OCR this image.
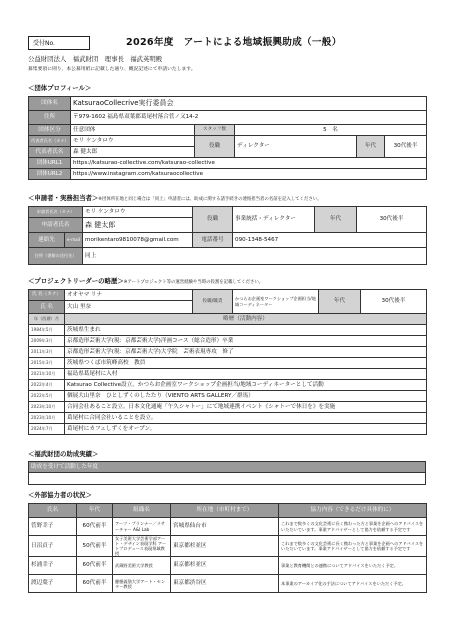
受付No.	2026年度　アートによる地域振興助成（一般）
公益財団法人　福武財団　理事長　福武英明殿
募集要項に則り、本公募用紙に記載した通り、概況記述にて申請いたします。
＜団体プロフィール＞
団体名	KatsuraoCollecrive実行委員会				
住所	〒979-1602 福島県双葉郡葛尾村落合菅ノ又14-2				
団体区分	任意団体	スタッフ数	5　名		
代表者氏名（カナ）	モリ ケンタロウ	役職	ディレクター	年代	30代後半
代表者氏名	森 健太郎				
団体URL1	https://katsurao-collective.com/katsurao-collective				
団体URL2	https://www.instagram.com/katsuraocollective				
＜申請者・実務担当者＞※団体所在地と同じ場合は「同上」申請者には、助成に関する諸手続きの連絡担当者の名前を記入してください。
申請者氏名（カナ）		モリ ケンタロウ	役職	事業統括・ディレクター	年代	30代後半
申請者氏名		森 健太郎				
連絡先	e-mail	morikentaro9810078@gmail.com	電話番号	090-1348-5467		
住所（書類の送付先）		同上				
＜プロジェクトリーダーの略歴＞※アートプロジェクト等の運営経験や当時の役割を記載してください。
氏 名（カナ）	オオヤマ リナ	役職/職責	かつらお企画室ワークショップ企画担当/地域コーディネーター	年代	30代後半
氏 名	大山 里奈				
年（西暦）月	略歴（活動内容）
1984年5月	茨城県生まれ
2009年3月	京都造形芸術大学(現：京都芸術大学)洋画コース（総合造形）卒業
2011年3月	京都造形芸術大学(現：京都芸術大学)大学院　芸術表現専攻　修了
2015年3月	茨城県つくば市筑峰高校　教員
2021年10月	福島県葛尾村に入村
2022年4月	Katsurao Collective設立。かつらお企画室ワークショップ企画担当/地域コーディネーターとして活動
2022年5月	個展大山里奈　ひとしずくのしたたり（VIENTO ARTS GALLERY／群馬）
2023年10月	合同会社あること設立。日本文化通庵「午久シャトー」にて地域連携イベント《シャトーで休日を》を実施
2023年10月	葛尾村に合同会社いることを設立。
2024年7月	葛尾村にカフェしずくをオープン。
＜福武財団の助成実績＞
助成を受けて活動した年度

＜外部協力者の状況＞
氏名	年代	組織名	所在地（市町村まで）	協力内容（できるだけ具体的に）
菅野幸子	60代前半	アーツ・プランナー／リサーチャー A&I Lab	宮城県仙台市	これまで数多くの文化芸術に長く携わった方と事業を企画へのアドバイスをいただいています。事業アドバイザーとして協力を依頼する予定です
日沼貞子	50代前半	女子美術大学芸術学部アート・デザイン表現学科 アートプロデュース表現領域教授	東京都杉並区	これまで数多くの文化芸術に長く携わった方と事業を企画へのアドバイスをいただいています。事業アドバイザーとして協力を依頼する予定です
杉浦幸子	60代前半	武蔵野美術大学教授	東京都杉並区	事業と教育機関との連携についてアドバイスをいただく予定。
渡辺葉子	60代前半	慶應義塾大学アート・センター教授	東京都渋谷区	本事業のアーカイブ化の手法についてアドバイスをいただく予定。
